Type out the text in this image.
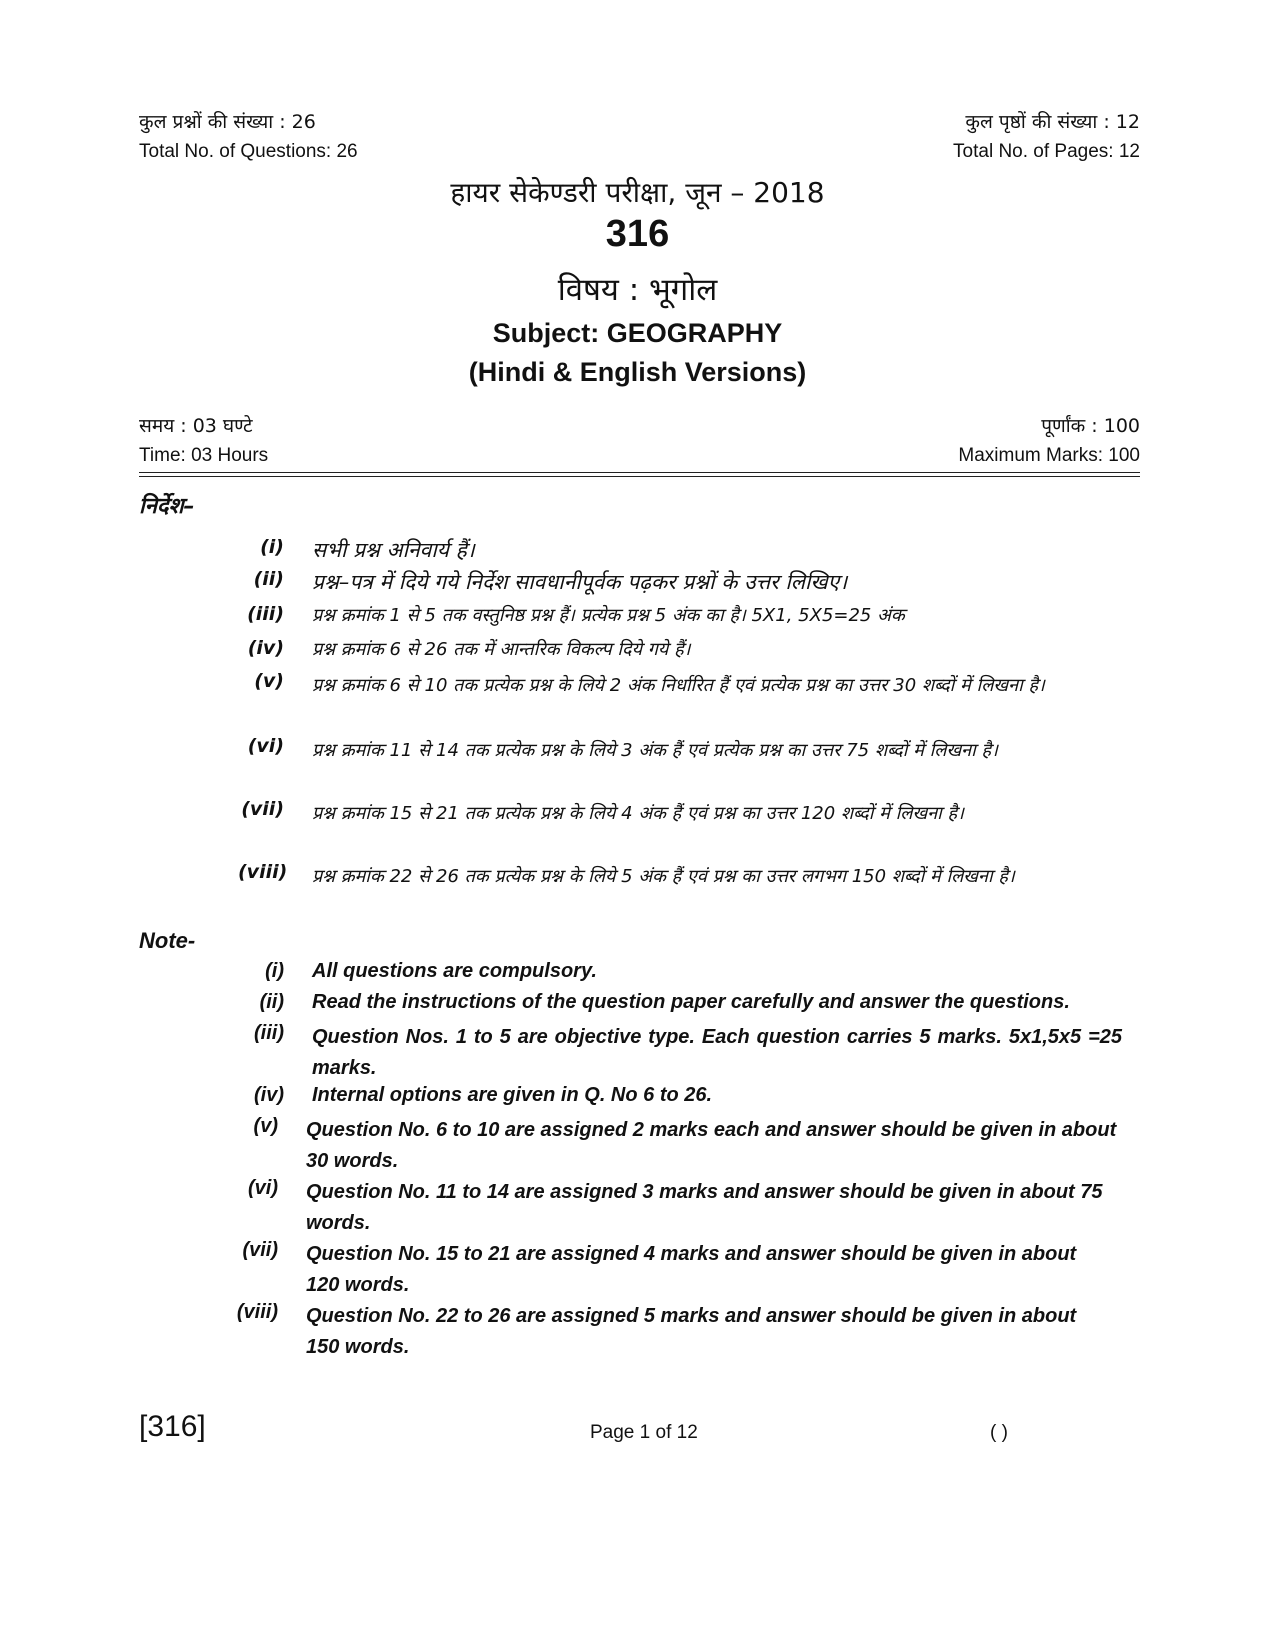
कुल प्रश्नों की संख्या : 26
Total No. of Questions: 26
कुल पृष्ठों की संख्या : 12
Total No. of Pages: 12
हायर सेकेण्डरी परीक्षा, जून – 2018
316
विषय : भूगोल
Subject: GEOGRAPHY
(Hindi & English Versions)
समय : 03 घण्टे
Time: 03 Hours
पूर्णांक : 100
Maximum Marks: 100
निर्देश–
(i) सभी प्रश्न अनिवार्य हैं।
(ii) प्रश्न–पत्र में दिये गये निर्देश सावधानीपूर्वक पढ़कर प्रश्नों के उत्तर लिखिए।
(iii) प्रश्न क्रमांक 1 से 5 तक वस्तुनिष्ठ प्रश्न हैं। प्रत्येक प्रश्न 5 अंक का है। 5X1, 5X5=25 अंक
(iv) प्रश्न क्रमांक 6 से 26 तक में आन्तरिक विकल्प दिये गये हैं।
(v) प्रश्न क्रमांक 6 से 10 तक प्रत्येक प्रश्न के लिये 2 अंक निर्धारित हैं एवं प्रत्येक प्रश्न का उत्तर 30 शब्दों में लिखना है।
(vi) प्रश्न क्रमांक 11 से 14 तक प्रत्येक प्रश्न के लिये 3 अंक हैं एवं प्रत्येक प्रश्न का उत्तर 75 शब्दों में लिखना है।
(vii) प्रश्न क्रमांक 15 से 21 तक प्रत्येक प्रश्न के लिये 4 अंक हैं एवं प्रश्न का उत्तर 120 शब्दों में लिखना है।
(viii) प्रश्न क्रमांक 22 से 26 तक प्रत्येक प्रश्न के लिये 5 अंक हैं एवं प्रश्न का उत्तर लगभग 150 शब्दों में लिखना है।
Note-
(i) All questions are compulsory.
(ii) Read the instructions of the question paper carefully and answer the questions.
(iii) Question Nos. 1 to 5 are objective type. Each question carries 5 marks. 5x1,5x5 =25 marks.
(iv) Internal options are given in Q. No 6 to 26.
(v) Question No. 6 to 10 are assigned 2 marks each and answer should be given in about 30 words.
(vi) Question No. 11 to 14 are assigned 3 marks and answer should be given in about 75 words.
(vii) Question No. 15 to 21 are assigned 4 marks and answer should be given in about 120 words.
(viii) Question No. 22 to 26 are assigned 5 marks and answer should be given in about 150 words.
[316]	Page 1 of 12	( )
